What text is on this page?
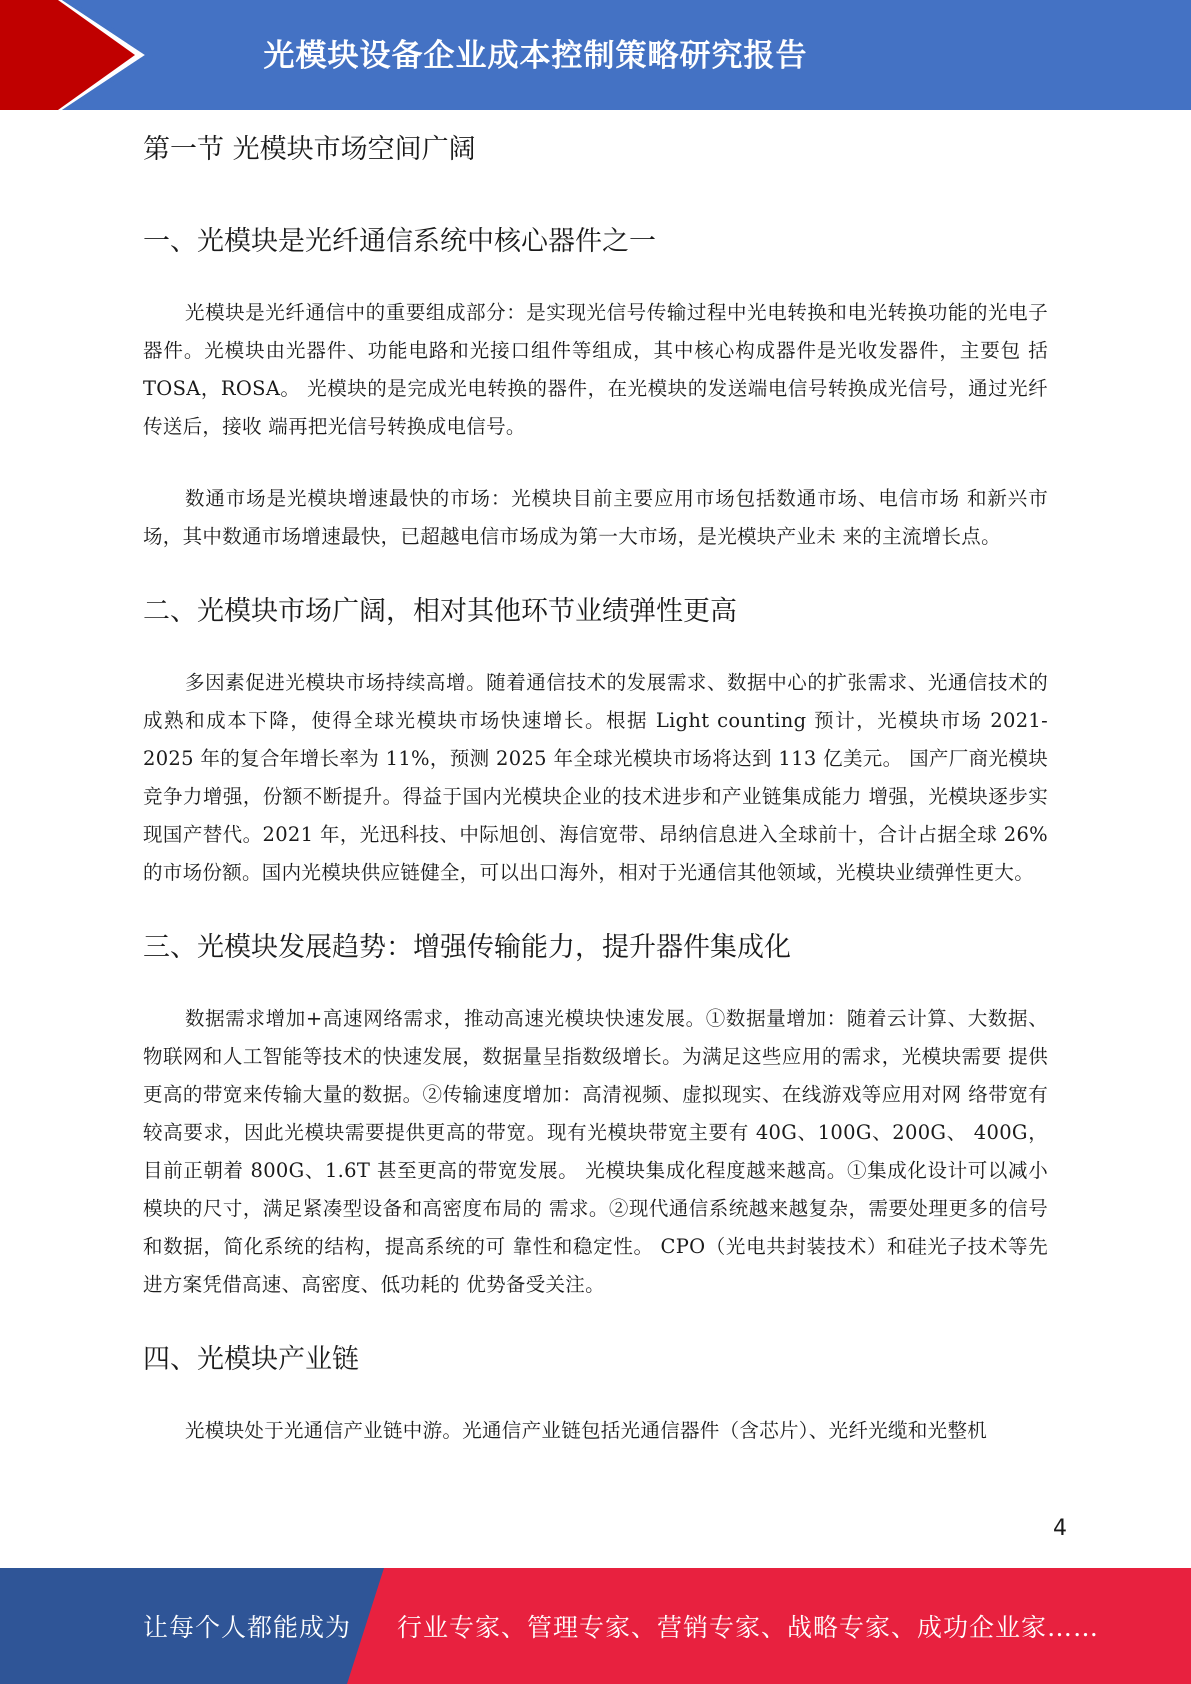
光模块设备企业成本控制策略研究报告
第一节 光模块市场空间广阔
一、光模块是光纤通信系统中核心器件之一

光模块是光纤通信中的重要组成部分：是实现光信号传输过程中光电转换和电光转换功能的光电子 器件。光模块由光器件、功能电路和光接口组件等组成，其中核心构成器件是光收发器件，主要包 括 TOSA，ROSA。 光模块的是完成光电转换的器件，在光模块的发送端电信号转换成光信号，通过光纤传送后，接收 端再把光信号转换成电信号。

数通市场是光模块增速最快的市场：光模块目前主要应用市场包括数通市场、电信市场 和新兴市场，其中数通市场增速最快，已超越电信市场成为第一大市场，是光模块产业未 来的主流增长点。

二、光模块市场广阔，相对其他环节业绩弹性更高

多因素促进光模块市场持续高增。随着通信技术的发展需求、数据中心的扩张需求、光通信技术的 成熟和成本下降，使得全球光模块市场快速增长。根据 Light counting 预计，光模块市场 2021-2025 年的复合年增长率为 11%，预测 2025 年全球光模块市场将达到 113 亿美元。 国产厂商光模块竞争力增强，份额不断提升。得益于国内光模块企业的技术进步和产业链集成能力 增强，光模块逐步实现国产替代。2021 年，光迅科技、中际旭创、海信宽带、昂纳信息进入全球前十，合计占据全球 26%的市场份额。国内光模块供应链健全，可以出口海外，相对于光通信其他领域，光模块业绩弹性更大。

三、光模块发展趋势：增强传输能力，提升器件集成化

数据需求增加+高速网络需求，推动高速光模块快速发展。①数据量增加：随着云计算、大数据、 物联网和人工智能等技术的快速发展，数据量呈指数级增长。为满足这些应用的需求，光模块需要 提供更高的带宽来传输大量的数据。②传输速度增加：高清视频、虚拟现实、在线游戏等应用对网 络带宽有较高要求，因此光模块需要提供更高的带宽。现有光模块带宽主要有 40G、100G、200G、 400G，目前正朝着 800G、1.6T 甚至更高的带宽发展。 光模块集成化程度越来越高。①集成化设计可以减小模块的尺寸，满足紧凑型设备和高密度布局的 需求。②现代通信系统越来越复杂，需要处理更多的信号和数据，简化系统的结构，提高系统的可 靠性和稳定性。 CPO（光电共封装技术）和硅光子技术等先进方案凭借高速、高密度、低功耗的 优势备受关注。

四、光模块产业链

光模块处于光通信产业链中游。光通信产业链包括光通信器件（含芯片）、光纤光缆和光整机

4
让每个人都能成为 行业专家、管理专家、营销专家、战略专家、成功企业家……
